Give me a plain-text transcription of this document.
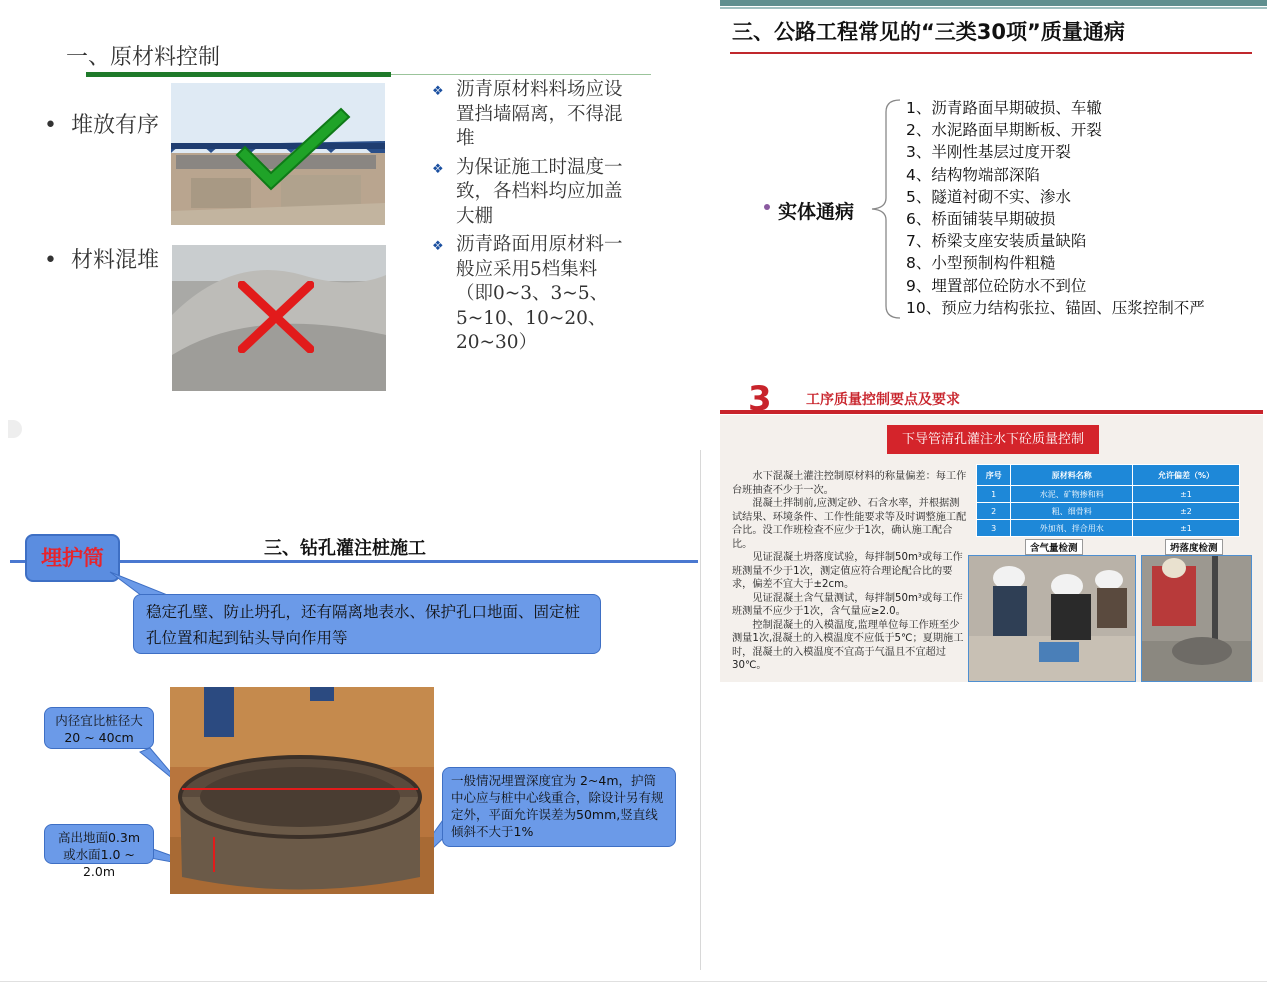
一、原材料控制
• 堆放有序
• 材料混堆
❖ 沥青原材料料场应设置挡墙隔离，不得混堆
❖ 为保证施工时温度一致，各档料均应加盖大棚
❖ 沥青路面用原材料一般应采用5档集料（即0~3、3~5、5~10、10~20、20~30）
三、公路工程常见的“三类30项”质量通病
实体通病
1、沥青路面早期破损、车辙
2、水泥路面早期断板、开裂
3、半刚性基层过度开裂
4、结构物端部深陷
5、隧道衬砌不实、渗水
6、桥面铺装早期破损
7、桥梁支座安装质量缺陷
8、小型预制构件粗糙
9、埋置部位砼防水不到位
10、预应力结构张拉、锚固、压浆控制不严
埋护筒	三、钻孔灌注桩施工
稳定孔壁、防止坍孔，还有隔离地表水、保护孔口地面、固定桩孔位置和起到钻头导向作用等
内径宜比桩径大20 ~ 40cm
高出地面0.3m或水面1.0 ~ 2.0m
一般情况埋置深度宜为 2~4m，护筒中心应与桩中心线重合，除设计另有规定外，平面允许误差为50mm,竖直线倾斜不大于1%
3 工序质量控制要点及要求
下导管清孔灌注水下砼质量控制
水下混凝土灌注控制原材料的称量偏差：每工作台班抽查不少于一次。
混凝土拌制前,应测定砂、石含水率，并根据测试结果、环境条件、工作性能要求等及时调整施工配合比。没工作班检查不应少于1次，确认施工配合比。
见证混凝土坍落度试验，每拌制50m³或每工作班测量不少于1次，测定值应符合理论配合比的要求，偏差不宜大于±2cm。
见证混凝土含气量测试，每拌制50m³或每工作班测量不应少于1次，含气量应≥2.0。
控制混凝土的入模温度,监理单位每工作班至少测量1次,混凝土的入模温度不应低于5℃；夏期施工时，混凝土的入模温度不宜高于气温且不宜超过30℃。
序号	原材料名称	允许偏差（%）
1	水泥、矿物掺和料	±1
2	粗、细骨料	±2
3	外加剂、拌合用水	±1
含气量检测	坍落度检测
